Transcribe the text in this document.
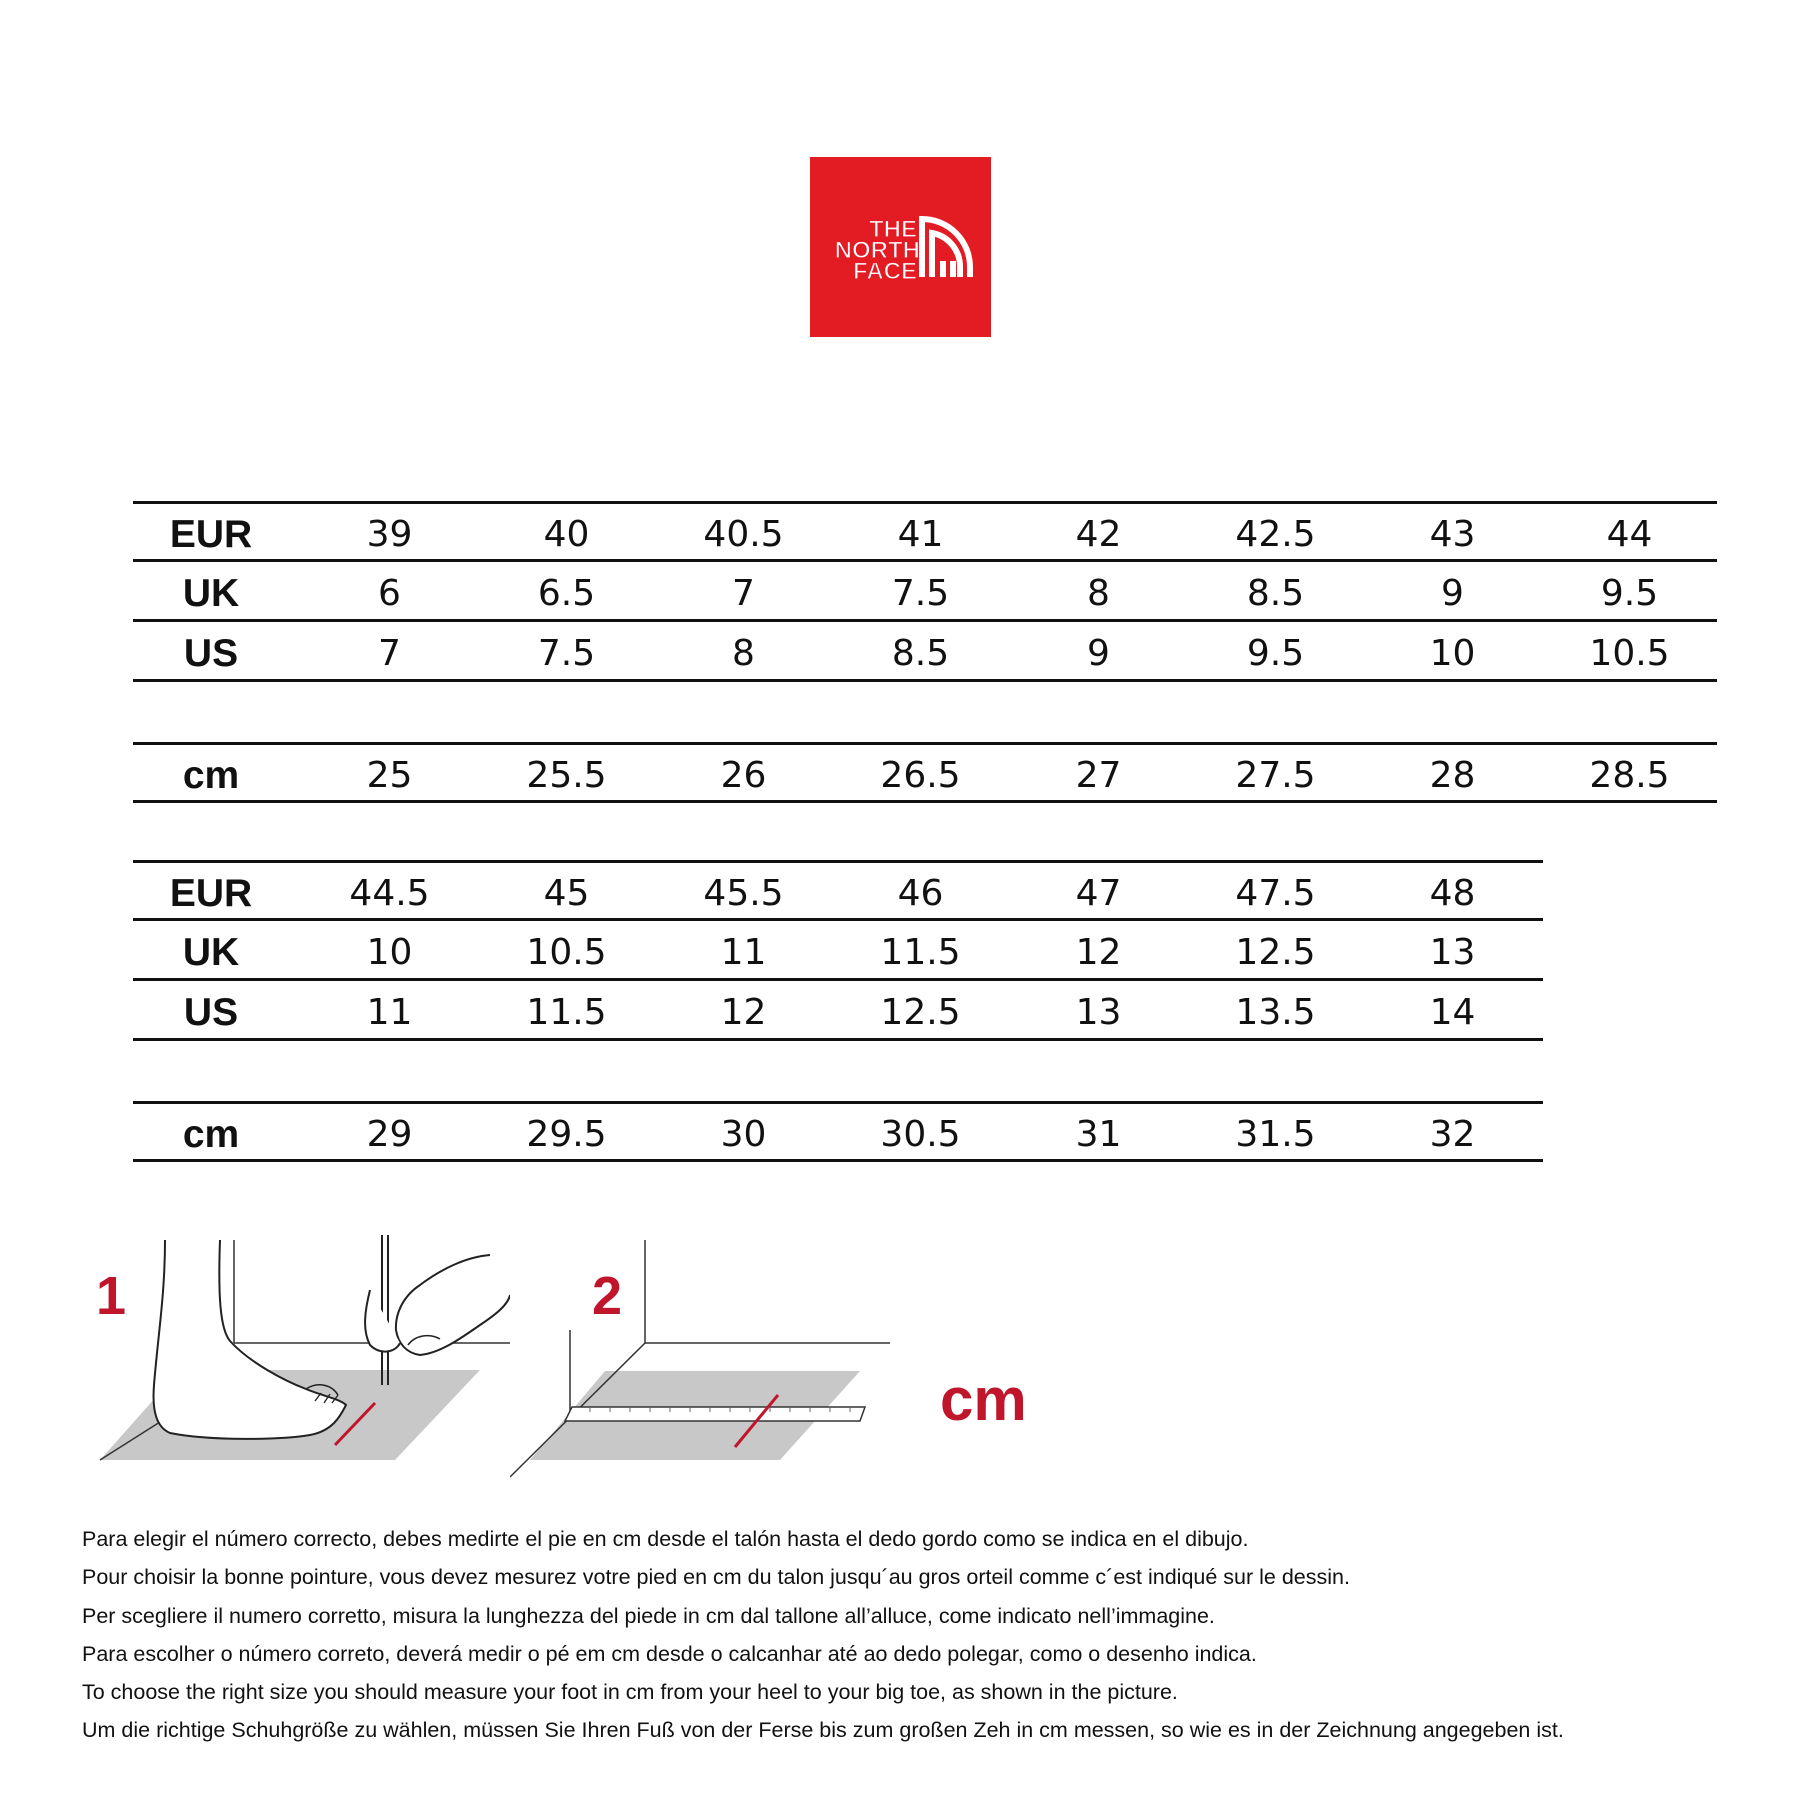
THE
NORTH
FACE
EUR	39	40	40.5	41	42	42.5	43	44
UK	6	6.5	7	7.5	8	8.5	9	9.5
US	7	7.5	8	8.5	9	9.5	10	10.5
cm	25	25.5	26	26.5	27	27.5	28	28.5
EUR	44.5	45	45.5	46	47	47.5	48
UK	10	10.5	11	11.5	12	12.5	13
US	11	11.5	12	12.5	13	13.5	14
cm	29	29.5	30	30.5	31	31.5	32
1	2
cm

Para elegir el número correcto, debes medirte el pie en cm desde el talón hasta el dedo gordo como se indica en el dibujo.

Pour choisir la bonne pointure, vous devez mesurez votre pied en cm du talon jusqu´au gros orteil comme c´est indiqué sur le dessin.

Per scegliere il numero corretto, misura la lunghezza del piede in cm dal tallone all’alluce, come indicato nell’immagine.

Para escolher o número correto, deverá medir o pé em cm desde o calcanhar até ao dedo polegar, como o desenho indica.

To choose the right size you should measure your foot in cm from your heel to your big toe, as shown in the picture.

Um die richtige Schuhgröße zu wählen, müssen Sie Ihren Fuß von der Ferse bis zum großen Zeh in cm messen, so wie es in der Zeichnung angegeben ist.
